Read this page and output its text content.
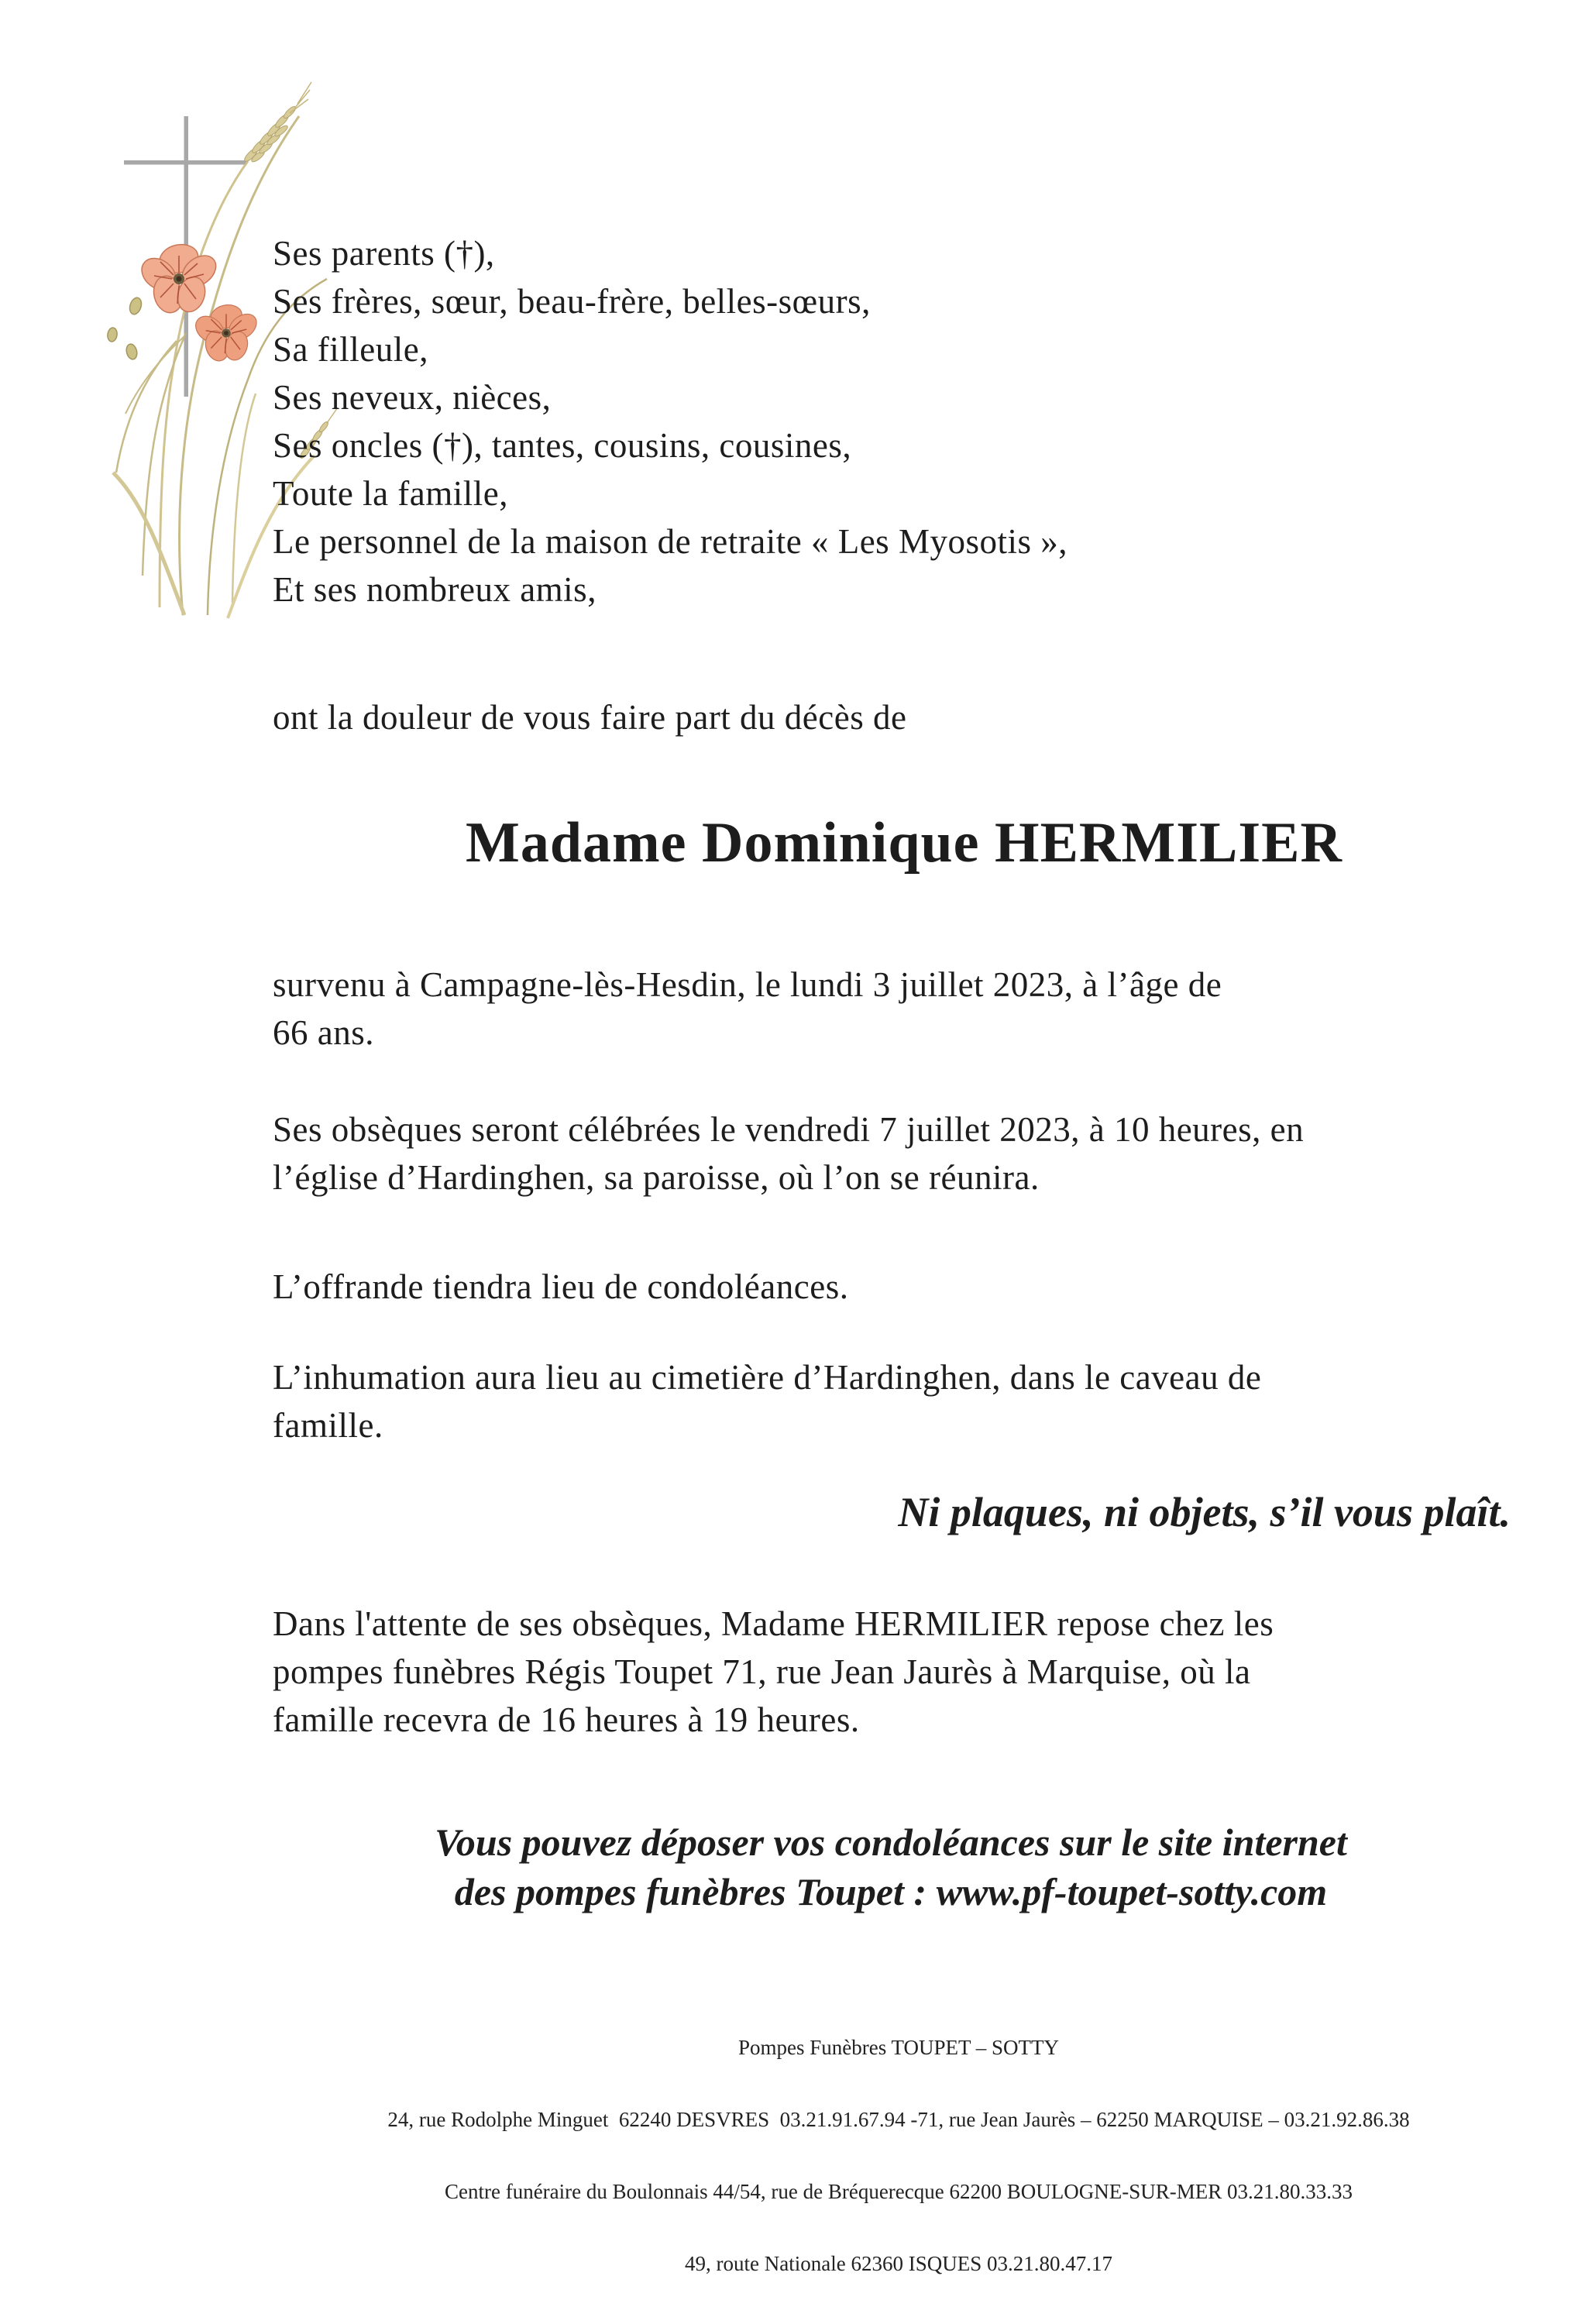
Ses parents (†),
Ses frères, sœur, beau-frère, belles-sœurs,
Sa filleule,
Ses neveux, nièces,
Ses oncles (†), tantes, cousins, cousines,
Toute la famille,
Le personnel de la maison de retraite « Les Myosotis »,
Et ses nombreux amis,
ont la douleur de vous faire part du décès de
Madame Dominique HERMILIER
survenu à Campagne-lès-Hesdin, le lundi 3 juillet 2023, à l’âge de
66 ans.
Ses obsèques seront célébrées le vendredi 7 juillet 2023, à 10 heures, en
l’église d’Hardinghen, sa paroisse, où l’on se réunira.
L’offrande tiendra lieu de condoléances.
L’inhumation aura lieu au cimetière d’Hardinghen, dans le caveau de
famille.
Ni plaques, ni objets, s’il vous plaît.
Dans l'attente de ses obsèques, Madame HERMILIER repose chez les
pompes funèbres Régis Toupet 71, rue Jean Jaurès à Marquise, où la
famille recevra de 16 heures à 19 heures.
Vous pouvez déposer vos condoléances sur le site internet
des pompes funèbres Toupet : www.pf-toupet-sotty.com

Pompes Funèbres TOUPET – SOTTY

24, rue Rodolphe Minguet  62240 DESVRES  03.21.91.67.94 -71, rue Jean Jaurès – 62250 MARQUISE – 03.21.92.86.38

Centre funéraire du Boulonnais 44/54, rue de Bréquerecque 62200 BOULOGNE-SUR-MER 03.21.80.33.33

49, route Nationale 62360 ISQUES 03.21.80.47.17
